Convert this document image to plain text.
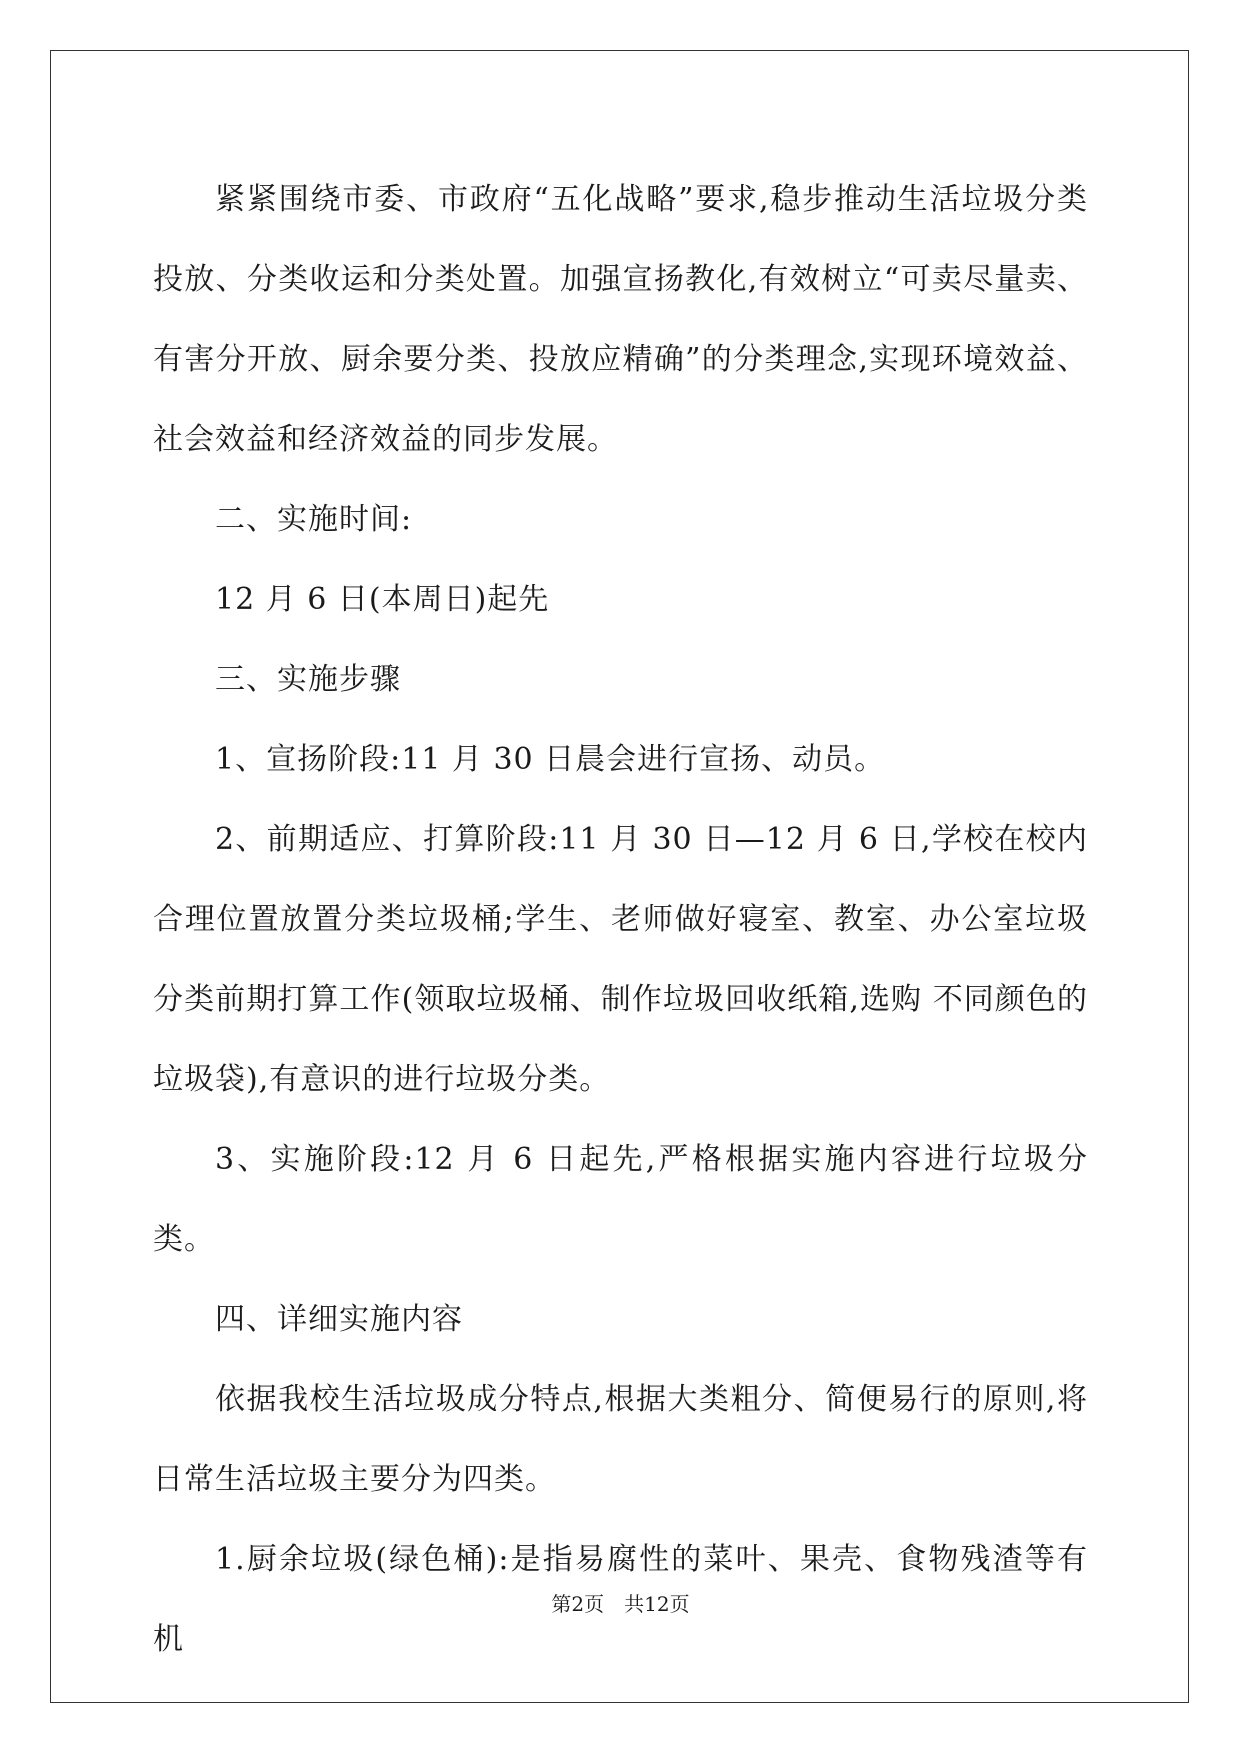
紧紧围绕市委、市政府“五化战略”要求,稳步推动生活垃圾分类投放、分类收运和分类处置。加强宣扬教化,有效树立“可卖尽量卖、有害分开放、厨余要分类、投放应精确”的分类理念,实现环境效益、社会效益和经济效益的同步发展。

二、实施时间:

12 月 6 日(本周日)起先

三、实施步骤

1、宣扬阶段:11 月 30 日晨会进行宣扬、动员。

2、前期适应、打算阶段:11 月 30 日—12 月 6 日,学校在校内合理位置放置分类垃圾桶;学生、老师做好寝室、教室、办公室垃圾分类前期打算工作(领取垃圾桶、制作垃圾回收纸箱,选购 不同颜色的垃圾袋),有意识的进行垃圾分类。

3、实施阶段:12 月 6 日起先,严格根据实施内容进行垃圾分类。

四、详细实施内容

依据我校生活垃圾成分特点,根据大类粗分、简便易行的原则,将日常生活垃圾主要分为四类。

1.厨余垃圾(绿色桶):是指易腐性的菜叶、果壳、食物残渣等有机

第2页 共12页
